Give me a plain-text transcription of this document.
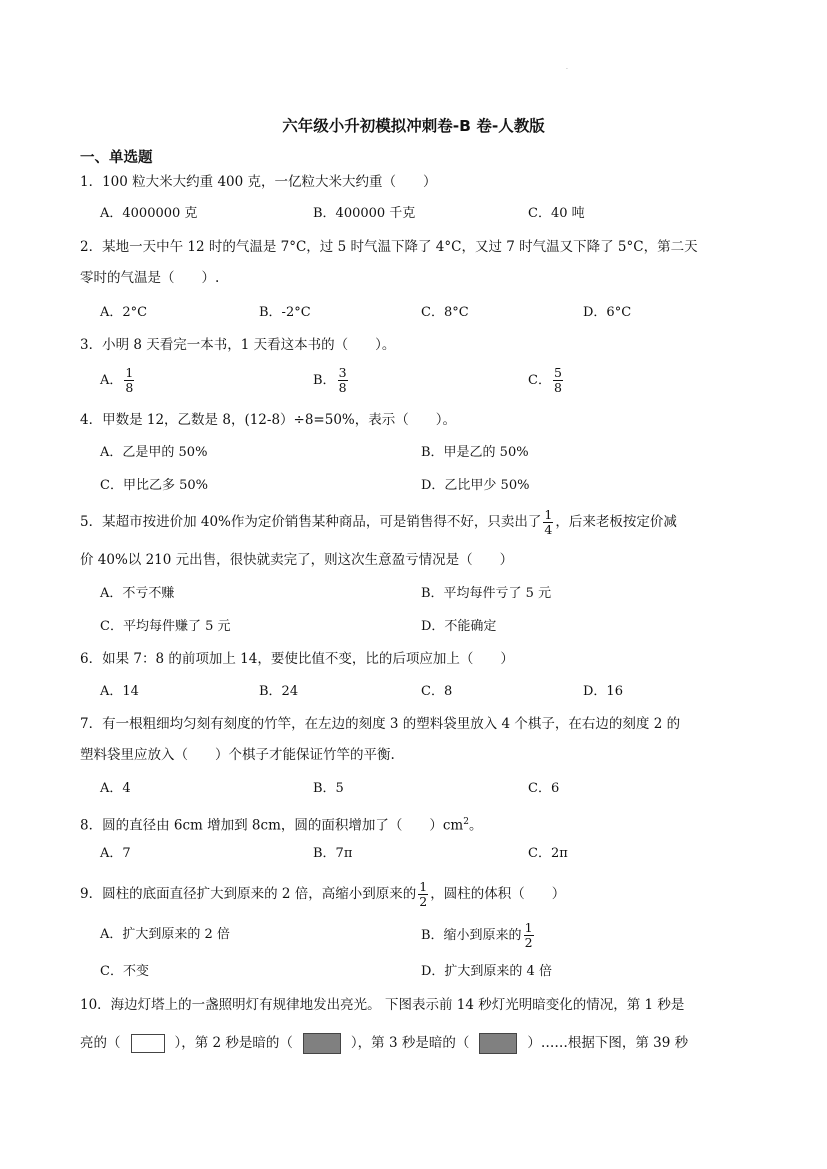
.
六年级小升初模拟冲刺卷-B 卷-人教版
一、单选题
1．100 粒大米大约重 400 克，一亿粒大米大约重（　　）
A．4000000 克	B．400000 千克	C．40 吨
2．某地一天中午 12 时的气温是 7°C，过 5 时气温下降了 4°C，又过 7 时气温又下降了 5°C，第二天
零时的气温是（　　）.
A．2°C	B．-2°C	C．8°C	D．6°C
3．小明 8 天看完一本书，1 天看这本书的（　　）。
A． $\frac{1}{8}$	B． $\frac{3}{8}$	C． $\frac{5}{8}$
4．甲数是 12，乙数是 8，(12-8）÷8=50%，表示（　　）。
A．乙是甲的 50%	B．甲是乙的 50%
C．甲比乙多 50%	D．乙比甲少 50%
5．某超市按进价加 40%作为定价销售某种商品，可是销售得不好，只卖出了 $\frac{1}{4}$ ，后来老板按定价减
价 40%以 210 元出售，很快就卖完了，则这次生意盈亏情况是（　　）
A．不亏不赚	B．平均每件亏了 5 元
C．平均每件赚了 5 元	D．不能确定
6．如果 7：8 的前项加上 14，要使比值不变，比的后项应加上（　　）
A．14	B．24	C．8	D．16
7．有一根粗细均匀刻有刻度的竹竿，在左边的刻度 3 的塑料袋里放入 4 个棋子，在右边的刻度 2 的
塑料袋里应放入（　　）个棋子才能保证竹竿的平衡.
A．4	B．5	C．6
8．圆的直径由 6cm 增加到 8cm，圆的面积增加了（　　）$cm^2$。
A．7	B．7π	C．2π
9．圆柱的底面直径扩大到原来的 2 倍，高缩小到原来的 $\frac{1}{2}$ ，圆柱的体积（　　）
A．扩大到原来的 2 倍	B．缩小到原来的 $\frac{1}{2}$
C．不变	D．扩大到原来的 4 倍
10．海边灯塔上的一盏照明灯有规律地发出亮光。 下图表示前 14 秒灯光明暗变化的情况，第 1 秒是
亮的（	），第 2 秒是暗的（	），第 3 秒是暗的（	）……根据下图，第 39 秒
